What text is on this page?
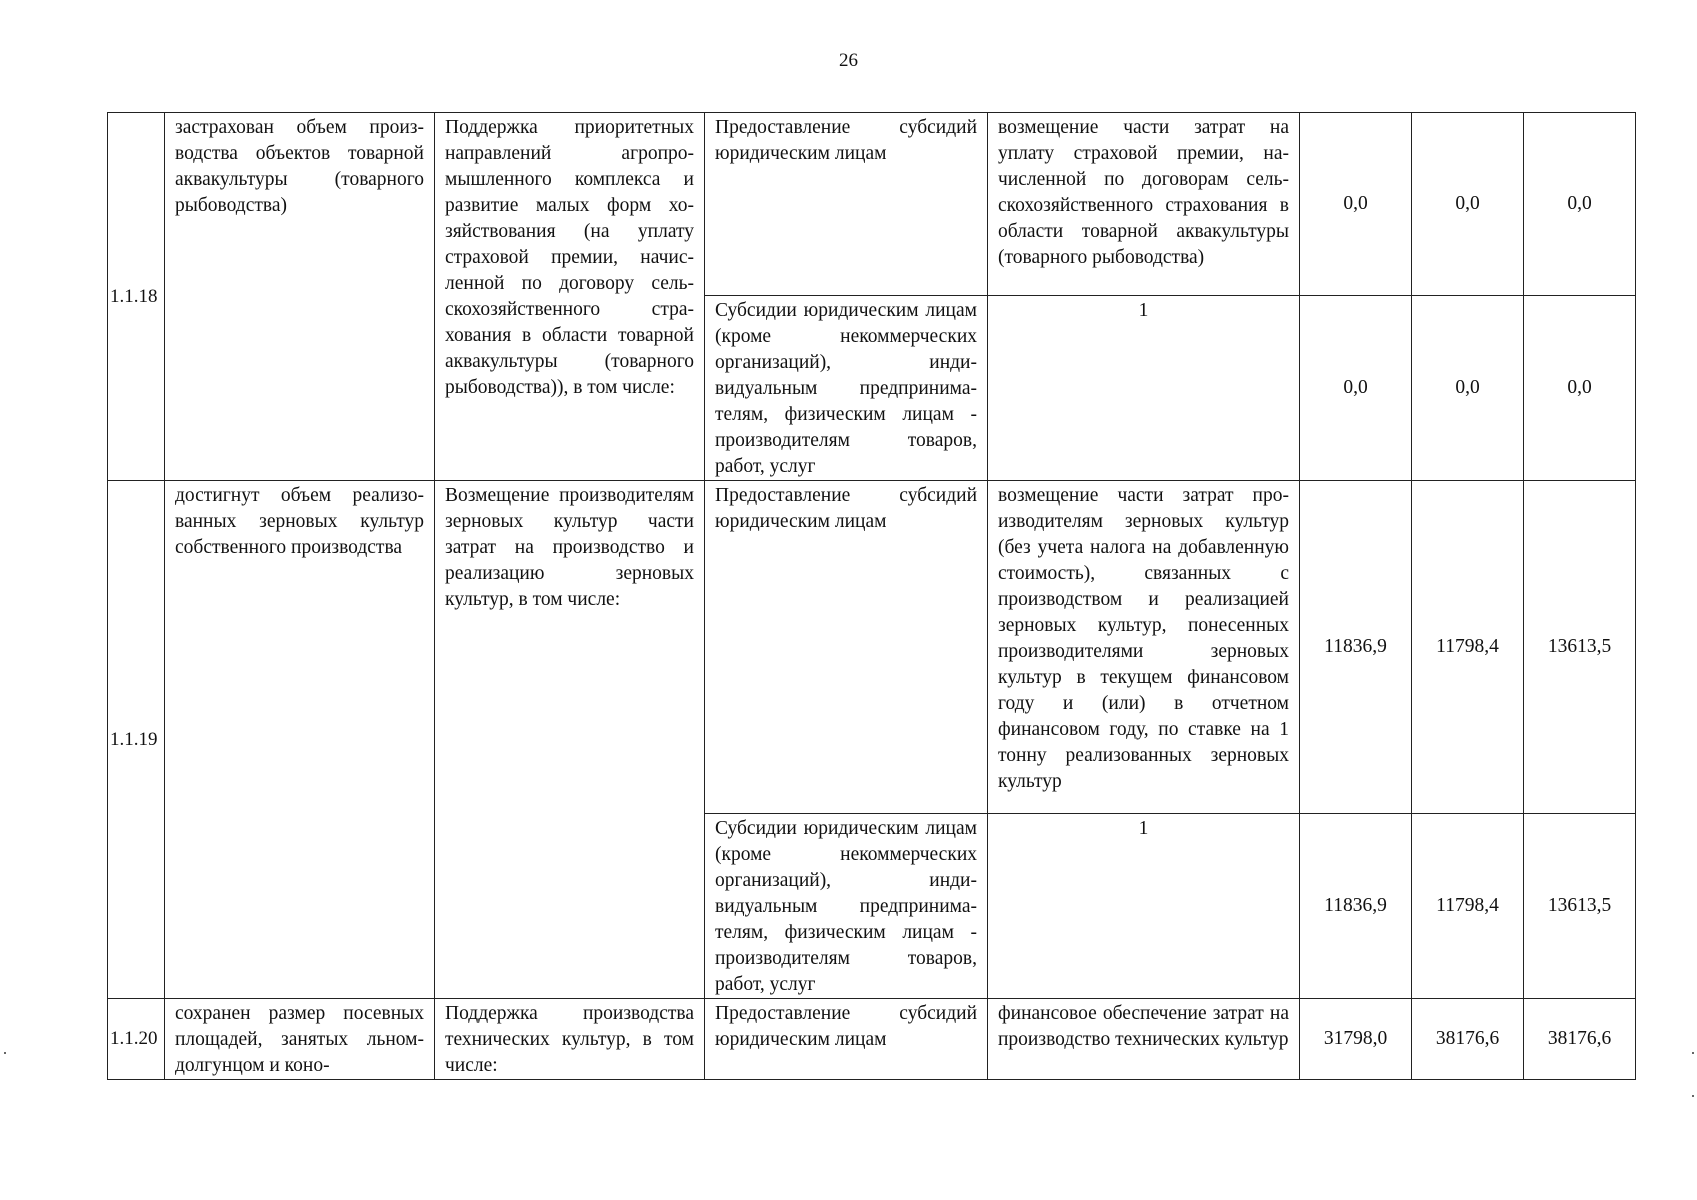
26
1.1.18	застрахован объем производства объектов товарной аквакультуры (товарного рыбоводства)	Поддержка приоритетных направлений агропромышленного комплекса и развитие малых форм хозяйствования (на уплату страховой премии, начисленной по договору сельскохозяйственного страхования в области товарной аквакультуры (товарного рыбоводства)), в том числе:	Предоставление субсидий юридическим лицам	возмещение части затрат на уплату страховой премии, начисленной по договорам сельскохозяйственного страхования в области товарной аквакультуры (товарного рыбоводства)	0,0	0,0	0,0
			Субсидии юридическим лицам (кроме некоммерческих организаций), индивидуальным предпринимателям, физическим лицам - производителям товаров, работ, услуг	1	0,0	0,0	0,0
1.1.19	достигнут объем реализованных зерновых культур собственного производства	Возмещение производителям зерновых культур части затрат на производство и реализацию зерновых культур, в том числе:	Предоставление субсидий юридическим лицам	возмещение части затрат производителям зерновых культур (без учета налога на добавленную стоимость), связанных с производством и реализацией зерновых культур, понесенных производителями зерновых культур в текущем финансовом году и (или) в отчетном финансовом году, по ставке на 1 тонну реализованных зерновых культур	11836,9	11798,4	13613,5
			Субсидии юридическим лицам (кроме некоммерческих организаций), индивидуальным предпринимателям, физическим лицам - производителям товаров, работ, услуг	1	11836,9	11798,4	13613,5
1.1.20	сохранен размер посевных площадей, занятых льном-долгунцом и коно-	Поддержка производства технических культур, в том числе:	Предоставление субсидий юридическим лицам	финансовое обеспечение затрат на производство технических культур	31798,0	38176,6	38176,6
